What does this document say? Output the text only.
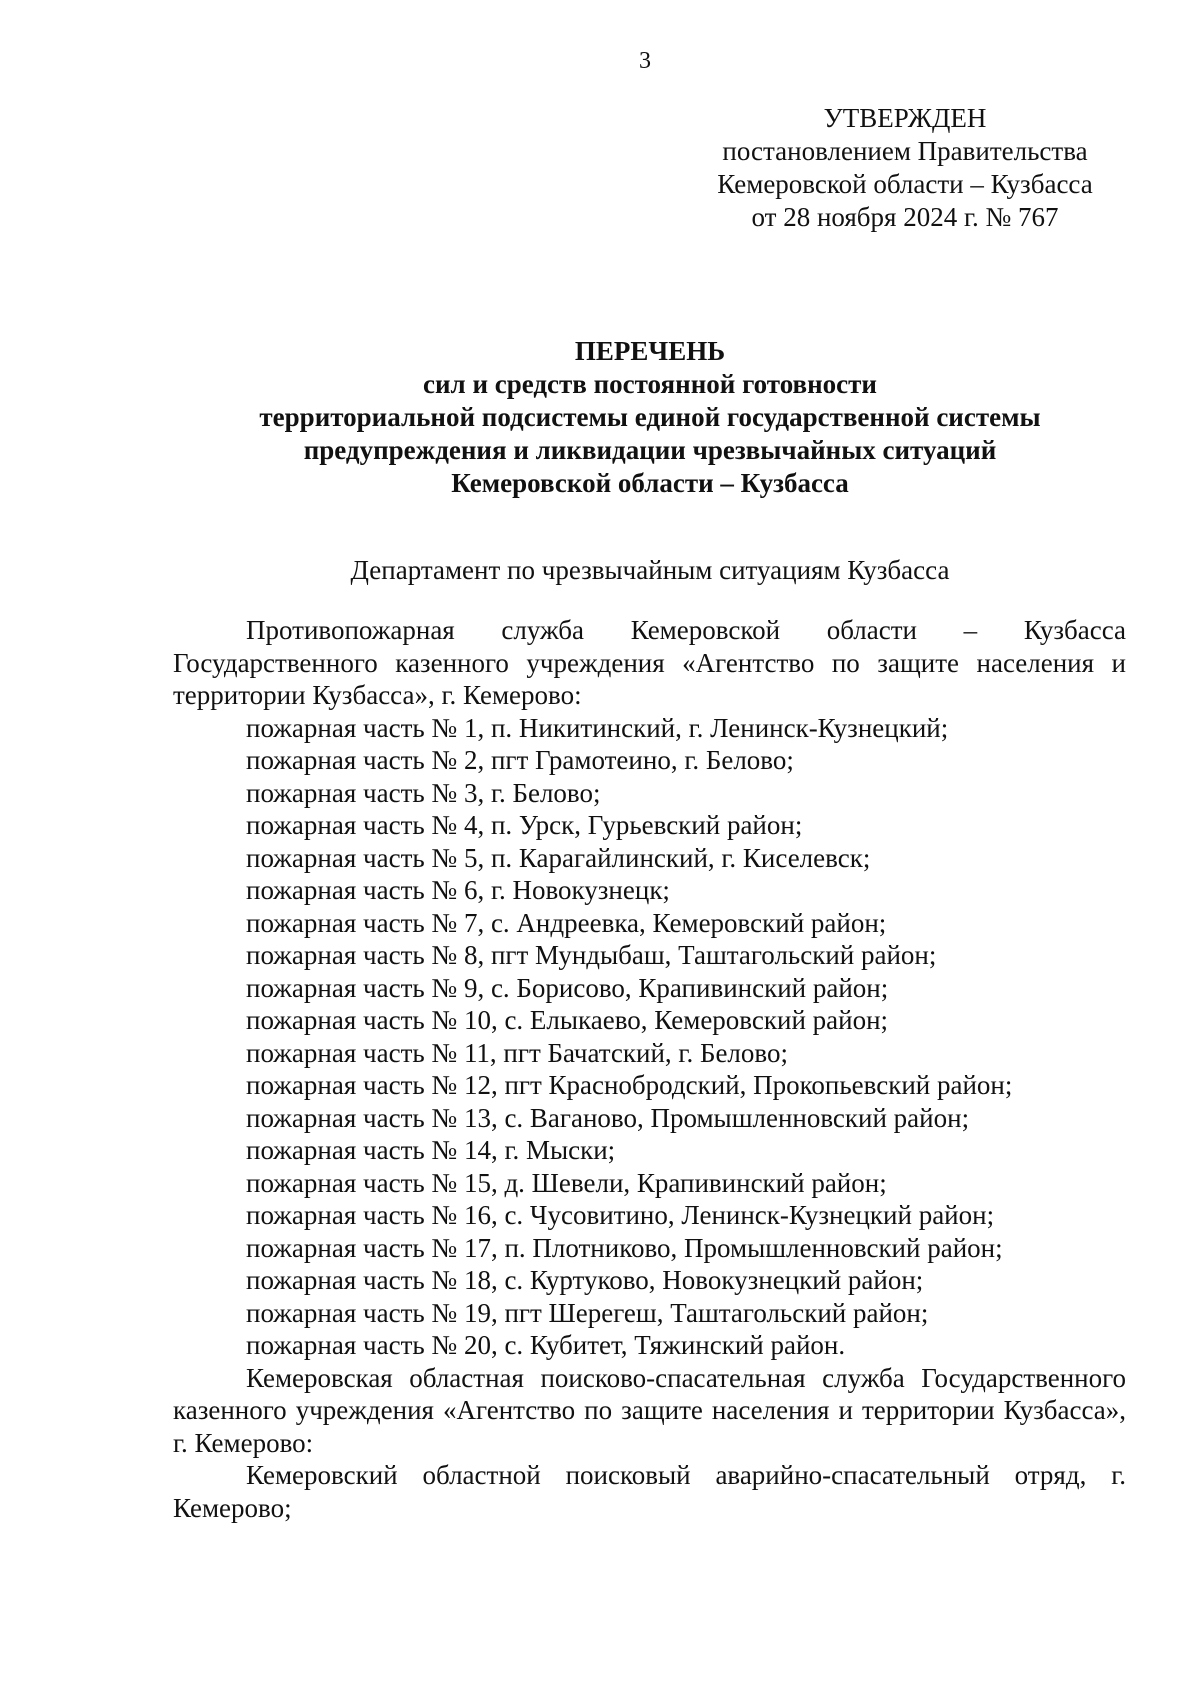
3
УТВЕРЖДЕН
постановлением Правительства
Кемеровской области – Кузбасса
от 28 ноября 2024 г. № 767
ПЕРЕЧЕНЬ
сил и средств постоянной готовности
территориальной подсистемы единой государственной системы
предупреждения и ликвидации чрезвычайных ситуаций
Кемеровской области – Кузбасса
Департамент по чрезвычайным ситуациям Кузбасса

Противопожарная служба Кемеровской области – Кузбасса Государственного казенного учреждения «Агентство по защите населения и территории Кузбасса», г. Кемерово:

пожарная часть № 1, п. Никитинский, г. Ленинск-Кузнецкий;

пожарная часть № 2, пгт Грамотеино, г. Белово;

пожарная часть № 3, г. Белово;

пожарная часть № 4, п. Урск, Гурьевский район;

пожарная часть № 5, п. Карагайлинский, г. Киселевск;

пожарная часть № 6, г. Новокузнецк;

пожарная часть № 7, с. Андреевка, Кемеровский район;

пожарная часть № 8, пгт Мундыбаш, Таштагольский район;

пожарная часть № 9, с. Борисово, Крапивинский район;

пожарная часть № 10, с. Елыкаево, Кемеровский район;

пожарная часть № 11, пгт Бачатский, г. Белово;

пожарная часть № 12, пгт Краснобродский, Прокопьевский район;

пожарная часть № 13, с. Ваганово, Промышленновский район;

пожарная часть № 14, г. Мыски;

пожарная часть № 15, д. Шевели, Крапивинский район;

пожарная часть № 16, с. Чусовитино, Ленинск-Кузнецкий район;

пожарная часть № 17, п. Плотниково, Промышленновский район;

пожарная часть № 18, с. Куртуково, Новокузнецкий район;

пожарная часть № 19, пгт Шерегеш, Таштагольский район;

пожарная часть № 20, с. Кубитет, Тяжинский район.

Кемеровская областная поисково-спасательная служба Государственного казенного учреждения «Агентство по защите населения и территории Кузбасса», г. Кемерово:

Кемеровский областной поисковый аварийно-спасательный отряд, г. Кемерово;
